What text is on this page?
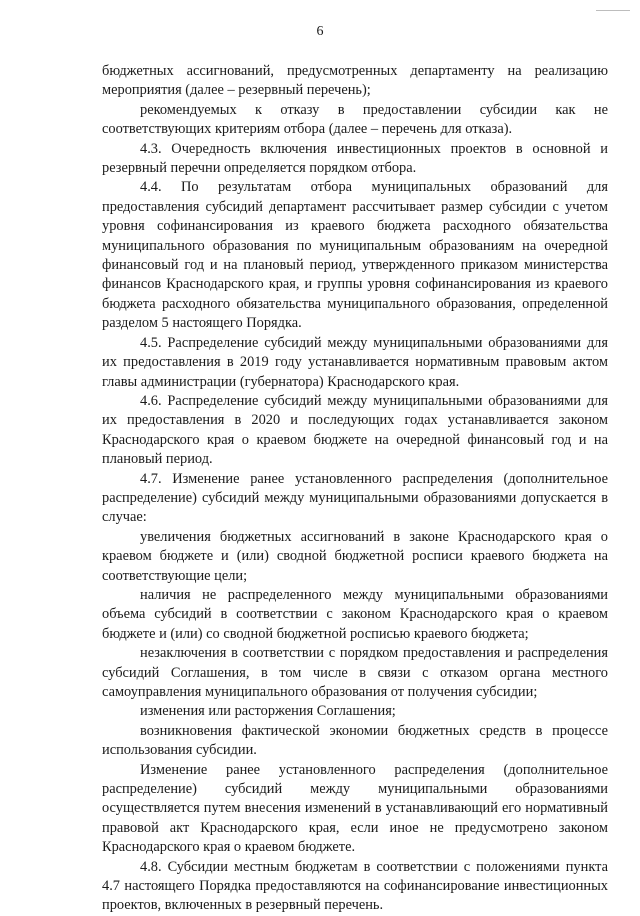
6

бюджетных ассигнований, предусмотренных департаменту на реализацию мероприятия (далее – резервный перечень);

рекомендуемых к отказу в предоставлении субсидии как не соответствующих критериям отбора (далее – перечень для отказа).

4.3. Очередность включения инвестиционных проектов в основной и резервный перечни определяется порядком отбора.

4.4. По результатам отбора муниципальных образований для предоставления субсидий департамент рассчитывает размер субсидии с учетом уровня софинансирования из краевого бюджета расходного обязательства муниципального образования по муниципальным образованиям на очередной финансовый год и на плановый период, утвержденного приказом министерства финансов Краснодарского края, и группы уровня софинансирования из краевого бюджета расходного обязательства муниципального образования, определенной разделом 5 настоящего Порядка.

4.5. Распределение субсидий между муниципальными образованиями для их предоставления в 2019 году устанавливается нормативным правовым актом главы администрации (губернатора) Краснодарского края.

4.6. Распределение субсидий между муниципальными образованиями для их предоставления в 2020 и последующих годах устанавливается законом Краснодарского края о краевом бюджете на очередной финансовый год и на плановый период.

4.7. Изменение ранее установленного распределения (дополнительное распределение) субсидий между муниципальными образованиями допускается в случае:

увеличения бюджетных ассигнований в законе Краснодарского края о краевом бюджете и (или) сводной бюджетной росписи краевого бюджета на соответствующие цели;

наличия не распределенного между муниципальными образованиями объема субсидий в соответствии с законом Краснодарского края о краевом бюджете и (или) со сводной бюджетной росписью краевого бюджета;

незаключения в соответствии с порядком предоставления и распределения субсидий Соглашения, в том числе в связи с отказом органа местного самоуправления муниципального образования от получения субсидии;

изменения или расторжения Соглашения;

возникновения фактической экономии бюджетных средств в процессе использования субсидии.

Изменение ранее установленного распределения (дополнительное распределение) субсидий между муниципальными образованиями осуществляется путем внесения изменений в устанавливающий его нормативный правовой акт Краснодарского края, если иное не предусмотрено законом Краснодарского края о краевом бюджете.

4.8. Субсидии местным бюджетам в соответствии с положениями пункта 4.7 настоящего Порядка предоставляются на софинансирование инвестиционных проектов, включенных в резервный перечень.
